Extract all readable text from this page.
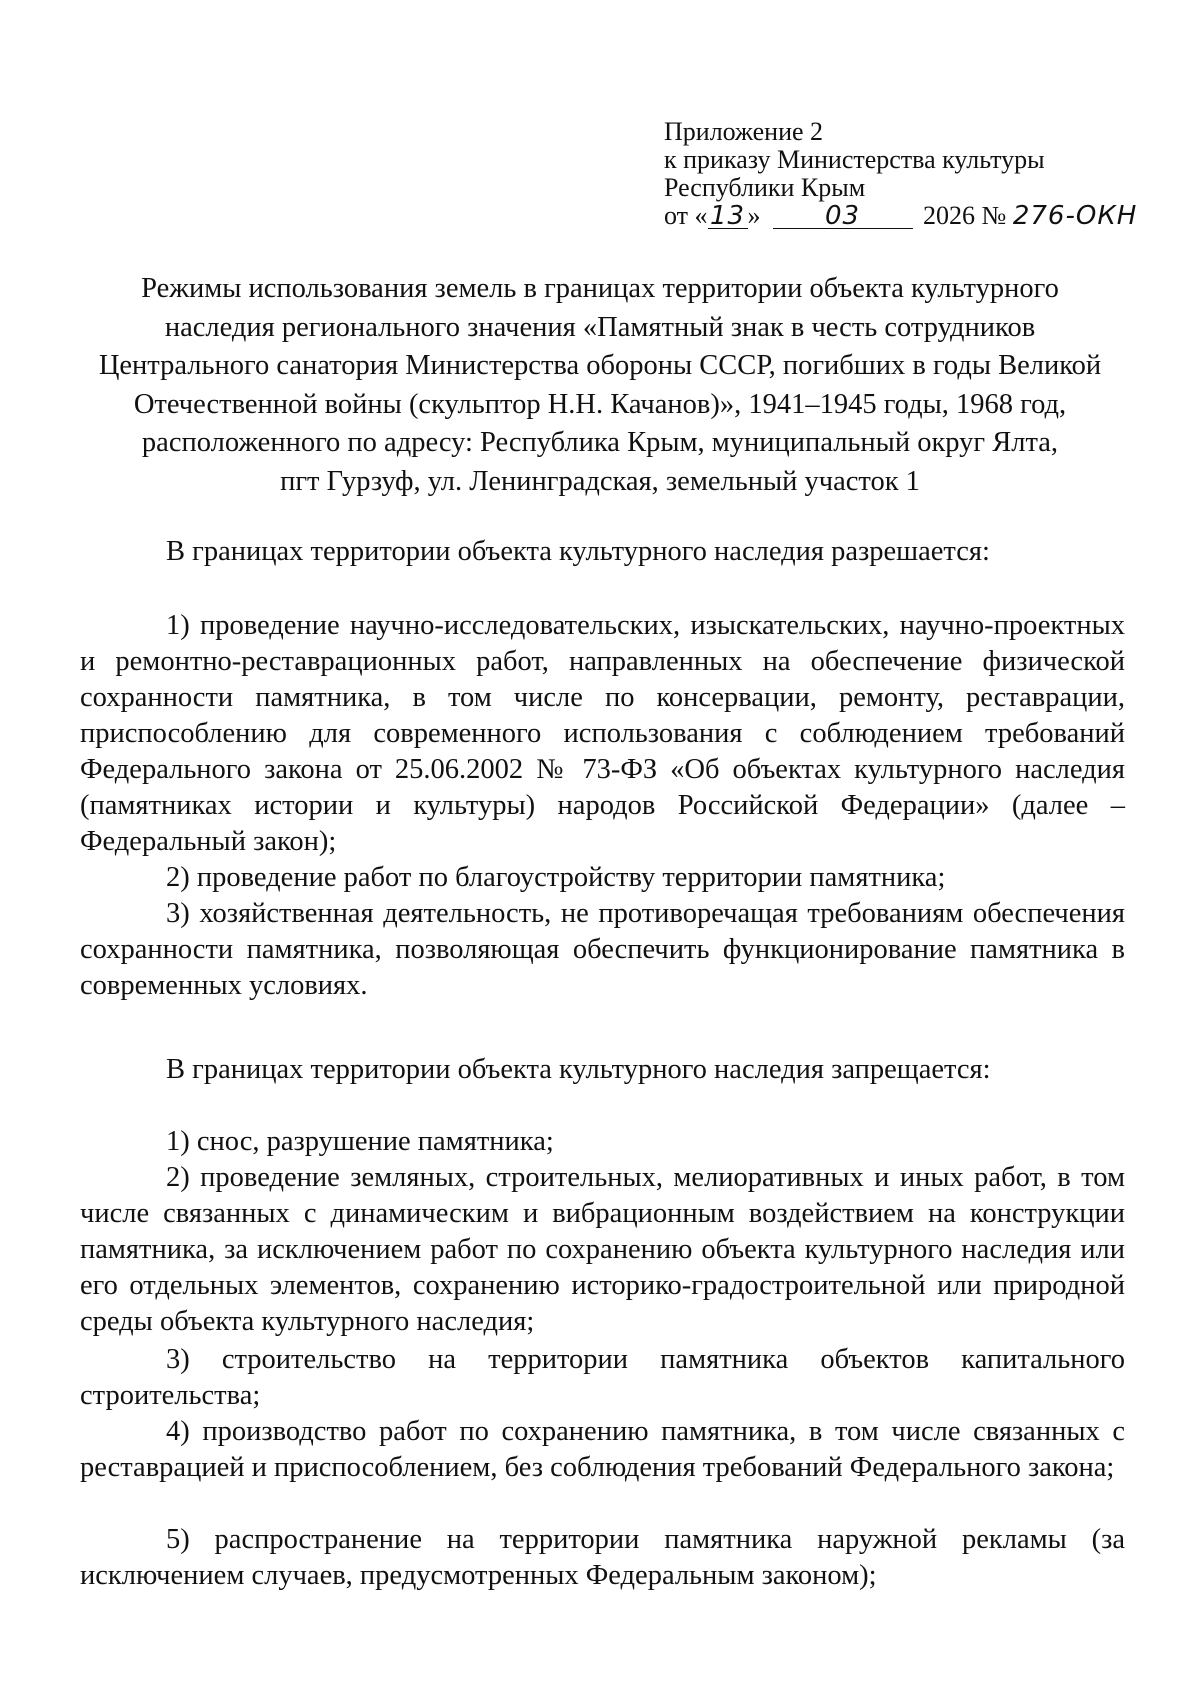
Приложение 2
к приказу Министерства культуры
Республики Крым
от «13» 03 2026 № 276-ОКН
Режимы использования земель в границах территории объекта культурного
наследия регионального значения «Памятный знак в честь сотрудников
Центрального санатория Министерства обороны СССР, погибших в годы Великой
Отечественной войны (скульптор Н.Н. Качанов)», 1941–1945 годы, 1968 год,
расположенного по адресу: Республика Крым, муниципальный округ Ялта,
пгт Гурзуф, ул. Ленинградская, земельный участок 1
В границах территории объекта культурного наследия разрешается:
1) проведение научно-исследовательских, изыскательских, научно-проектных и ремонтно-реставрационных работ, направленных на обеспечение физической сохранности памятника, в том числе по консервации, ремонту, реставрации, приспособлению для современного использования с соблюдением требований Федерального закона от 25.06.2002 № 73-ФЗ «Об объектах культурного наследия (памятниках истории и культуры) народов Российской Федерации» (далее – Федеральный закон);
2) проведение работ по благоустройству территории памятника;
3) хозяйственная деятельность, не противоречащая требованиям обеспечения сохранности памятника, позволяющая обеспечить функционирование памятника в современных условиях.
В границах территории объекта культурного наследия запрещается:
1) снос, разрушение памятника;
2) проведение земляных, строительных, мелиоративных и иных работ, в том числе связанных с динамическим и вибрационным воздействием на конструкции памятника, за исключением работ по сохранению объекта культурного наследия или его отдельных элементов, сохранению историко-градостроительной или природной среды объекта культурного наследия;
3) строительство на территории памятника объектов капитального строительства;
4) производство работ по сохранению памятника, в том числе связанных с реставрацией и приспособлением, без соблюдения требований Федерального закона;
5) распространение на территории памятника наружной рекламы (за исключением случаев, предусмотренных Федеральным законом);
